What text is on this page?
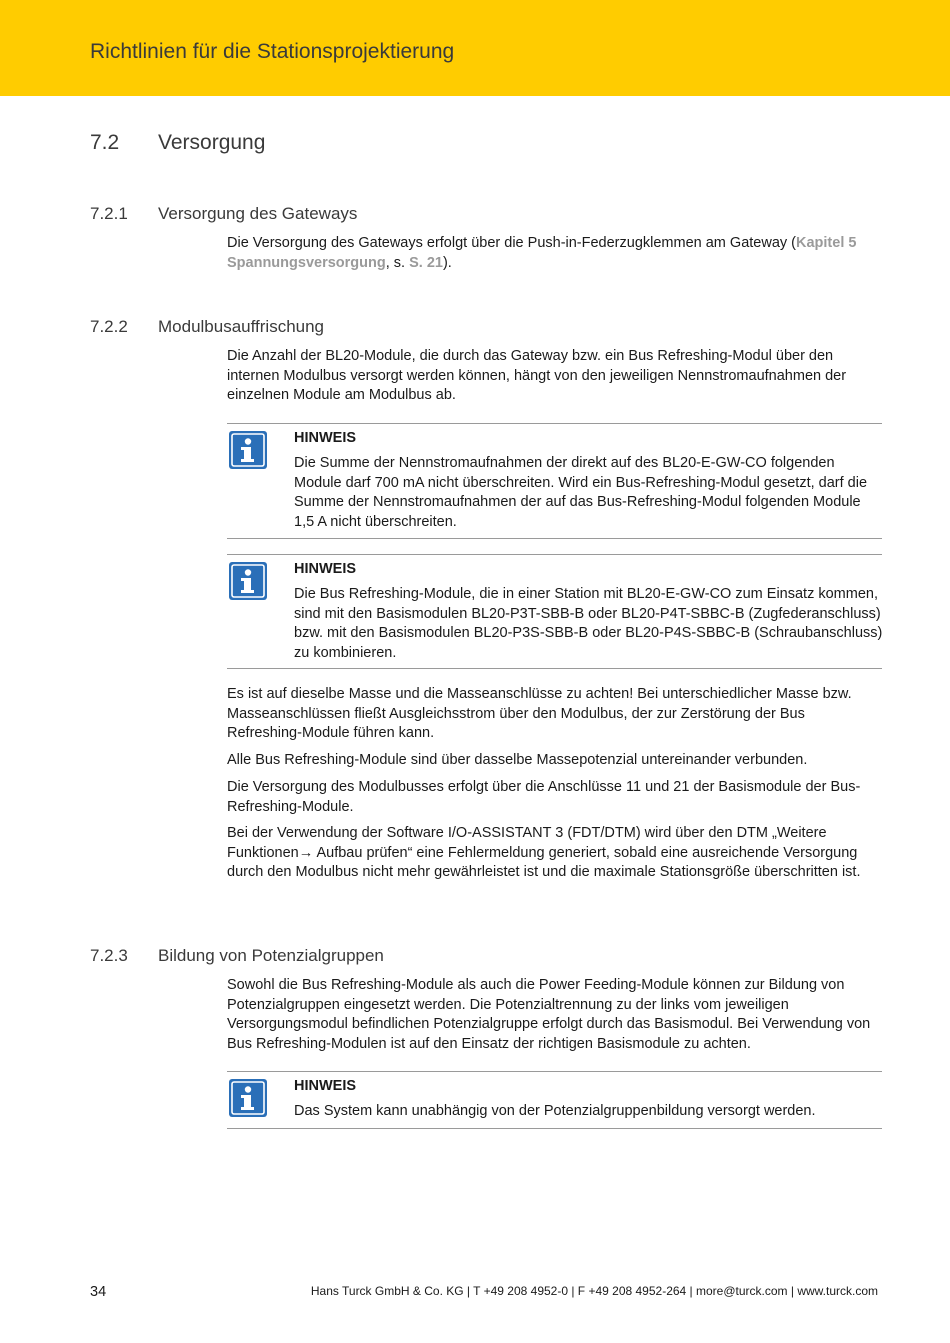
Richtlinien für die Stationsprojektierung
7.2 Versorgung
7.2.1 Versorgung des Gateways

Die Versorgung des Gateways erfolgt über die Push-in-Federzugklemmen am Gateway (Kapitel 5 Spannungsversorgung, s. S. 21).

7.2.2 Modulbusauffrischung

Die Anzahl der BL20-Module, die durch das Gateway bzw. ein Bus Refreshing-Modul über den internen Modulbus versorgt werden können, hängt von den jeweiligen Nennstromaufnahmen der einzelnen Module am Modulbus ab.

HINWEIS

Die Summe der Nennstromaufnahmen der direkt auf des BL20-E-GW-CO folgenden Module darf 700 mA nicht überschreiten. Wird ein Bus-Refreshing-Modul gesetzt, darf die Summe der Nennstromaufnahmen der auf das Bus-Refreshing-Modul folgenden Module 1,5 A nicht überschreiten.

HINWEIS

Die Bus Refreshing-Module, die in einer Station mit BL20-E-GW-CO zum Einsatz kommen, sind mit den Basismodulen BL20-P3T-SBB-B oder BL20-P4T-SBBC-B (Zugfederanschluss) bzw. mit den Basismodulen BL20-P3S-SBB-B oder BL20-P4S-SBBC-B (Schraubanschluss) zu kombinieren.

Es ist auf dieselbe Masse und die Masseanschlüsse zu achten! Bei unterschiedlicher Masse bzw. Masseanschlüssen fließt Ausgleichsstrom über den Modulbus, der zur Zerstörung der Bus Refreshing-Module führen kann.

Alle Bus Refreshing-Module sind über dasselbe Massepotenzial untereinander verbunden.

Die Versorgung des Modulbusses erfolgt über die Anschlüsse 11 und 21 der Basismodule der Bus-Refreshing-Module.

Bei der Verwendung der Software I/O-ASSISTANT 3 (FDT/DTM) wird über den DTM „Weitere Funktionen→ Aufbau prüfen“ eine Fehlermeldung generiert, sobald eine ausreichende Versorgung durch den Modulbus nicht mehr gewährleistet ist und die maximale Stationsgröße überschritten ist.

7.2.3 Bildung von Potenzialgruppen

Sowohl die Bus Refreshing-Module als auch die Power Feeding-Module können zur Bildung von Potenzialgruppen eingesetzt werden. Die Potenzialtrennung zu der links vom jeweiligen Versorgungsmodul befindlichen Potenzialgruppe erfolgt durch das Basismodul. Bei Verwendung von Bus Refreshing-Modulen ist auf den Einsatz der richtigen Basismodule zu achten.

HINWEIS

Das System kann unabhängig von der Potenzialgruppenbildung versorgt werden.

34	Hans Turck GmbH & Co. KG | T +49 208 4952-0 | F +49 208 4952-264 | more@turck.com | www.turck.com
